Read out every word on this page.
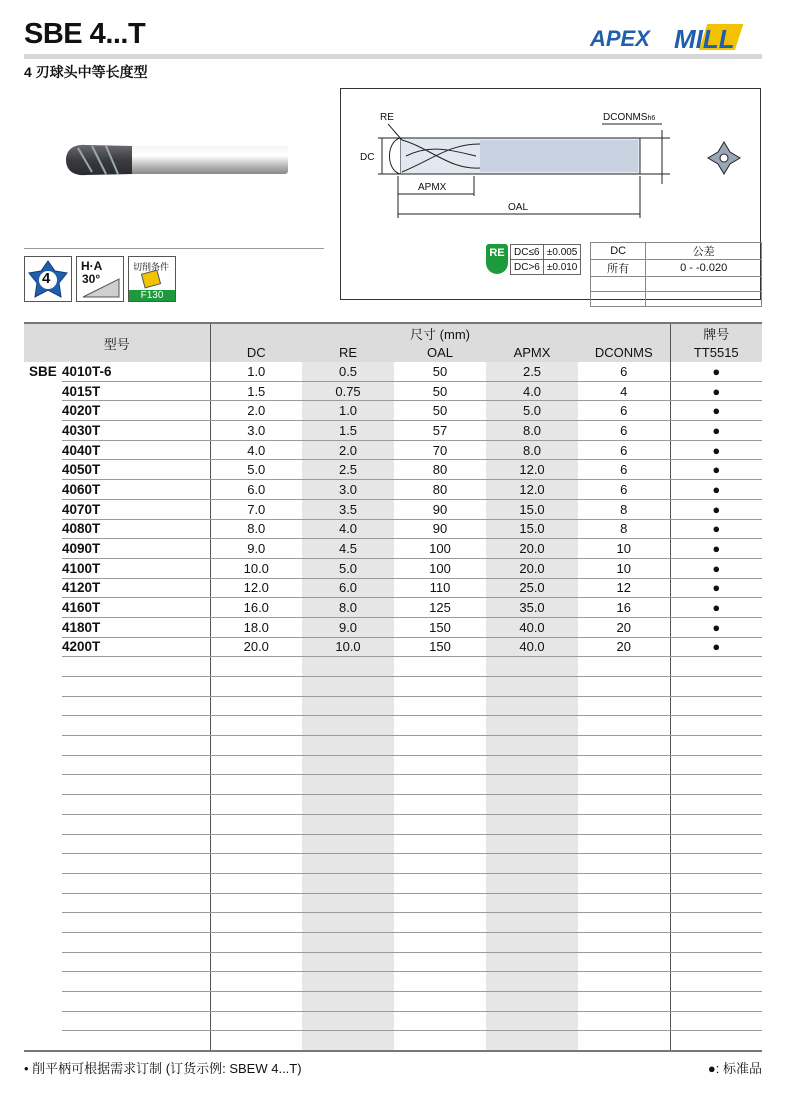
SBE 4...T
4 刃球头中等长度型
APEX MILL
4
H·A
30°
切削条件
F130
RE
DC
APMX
OAL
DCONMSh6
RE DC≤6	±0.005
DC>6	±0.010
DC	公差
所有	0 - -0.020

型号		尺寸 (mm)					牌号
		DC	RE	OAL	APMX	DCONMS	TT5515
SBE	4010T-6	1.0	0.5	50	2.5	6	●
	4015T	1.5	0.75	50	4.0	4	●
	4020T	2.0	1.0	50	5.0	6	●
	4030T	3.0	1.5	57	8.0	6	●
	4040T	4.0	2.0	70	8.0	6	●
	4050T	5.0	2.5	80	12.0	6	●
	4060T	6.0	3.0	80	12.0	6	●
	4070T	7.0	3.5	90	15.0	8	●
	4080T	8.0	4.0	90	15.0	8	●
	4090T	9.0	4.5	100	20.0	10	●
	4100T	10.0	5.0	100	20.0	10	●
	4120T	12.0	6.0	110	25.0	12	●
	4160T	16.0	8.0	125	35.0	16	●
	4180T	18.0	9.0	150	40.0	20	●
	4200T	20.0	10.0	150	40.0	20	●

• 削平柄可根据需求订制 (订货示例: SBEW 4...T)	●: 标准品
